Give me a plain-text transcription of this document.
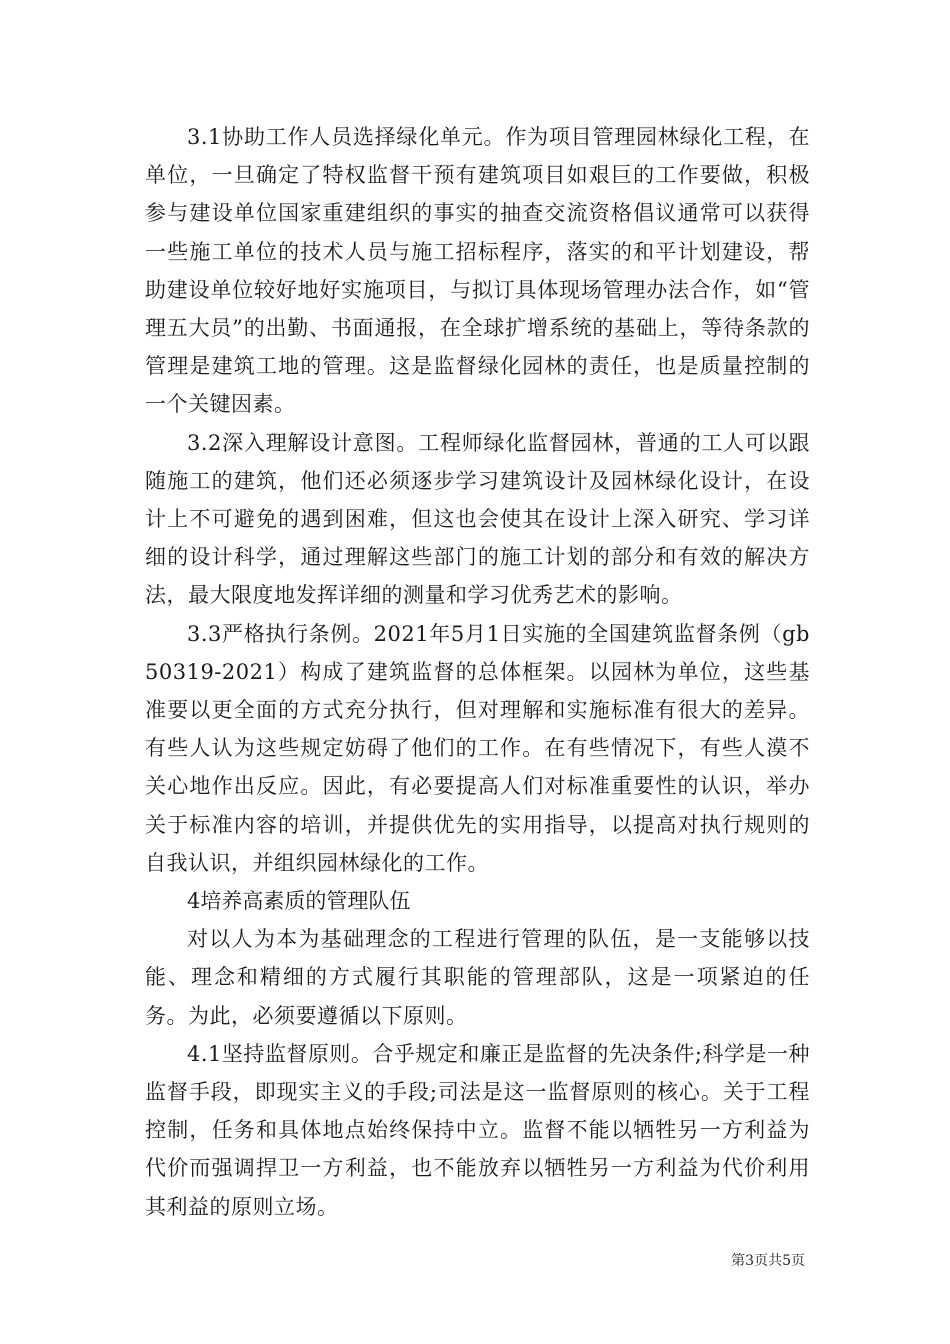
3.1协助工作人员选择绿化单元。作为项目管理园林绿化工程，在单位，一旦确定了特权监督干预有建筑项目如艰巨的工作要做，积极参与建设单位国家重建组织的事实的抽查交流资格倡议通常可以获得一些施工单位的技术人员与施工招标程序，落实的和平计划建设，帮助建设单位较好地好实施项目，与拟订具体现场管理办法合作，如“管理五大员”的出勤、书面通报，在全球扩增系统的基础上，等待条款的管理是建筑工地的管理。这是监督绿化园林的责任，也是质量控制的一个关键因素。

3.2深入理解设计意图。工程师绿化监督园林，普通的工人可以跟随施工的建筑，他们还必须逐步学习建筑设计及园林绿化设计，在设计上不可避免的遇到困难，但这也会使其在设计上深入研究、学习详细的设计科学，通过理解这些部门的施工计划的部分和有效的解决方法，最大限度地发挥详细的测量和学习优秀艺术的影响。

3.3严格执行条例。2021年5月1日实施的全国建筑监督条例（gb50319-2021）构成了建筑监督的总体框架。以园林为单位，这些基准要以更全面的方式充分执行，但对理解和实施标准有很大的差异。有些人认为这些规定妨碍了他们的工作。在有些情况下，有些人漠不关心地作出反应。因此，有必要提高人们对标准重要性的认识，举办关于标准内容的培训，并提供优先的实用指导，以提高对执行规则的自我认识，并组织园林绿化的工作。

4培养高素质的管理队伍

对以人为本为基础理念的工程进行管理的队伍，是一支能够以技能、理念和精细的方式履行其职能的管理部队，这是一项紧迫的任务。为此，必须要遵循以下原则。

4.1坚持监督原则。合乎规定和廉正是监督的先决条件;科学是一种监督手段，即现实主义的手段;司法是这一监督原则的核心。关于工程控制，任务和具体地点始终保持中立。监督不能以牺牲另一方利益为代价而强调捍卫一方利益，也不能放弃以牺牲另一方利益为代价利用其利益的原则立场。

第3页共5页
